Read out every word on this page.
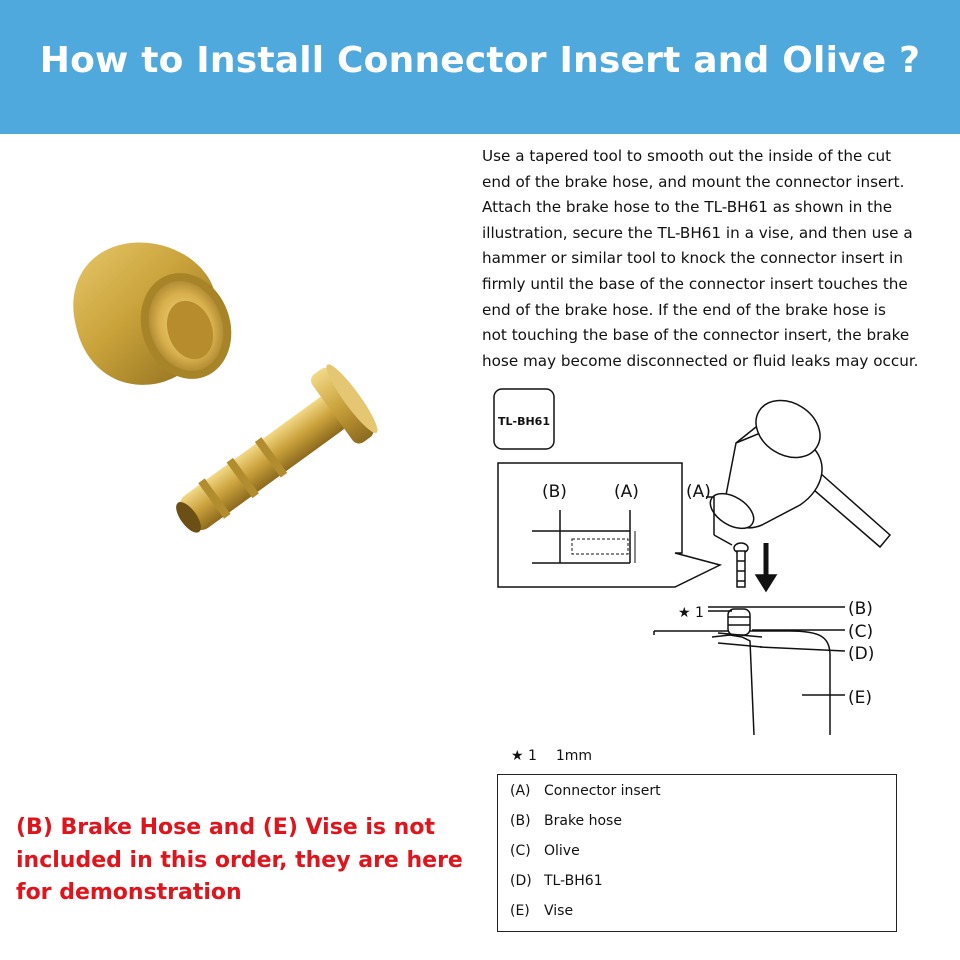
How to Install Connector Insert and Olive ?
Use a tapered tool to smooth out the inside of the cut
end of the brake hose, and mount the connector insert.
Attach the brake hose to the TL-BH61 as shown in the
illustration, secure the TL-BH61 in a vise, and then use a
hammer or similar tool to knock the connector insert in
firmly until the base of the connector insert touches the
end of the brake hose. If the end of the brake hose is
not touching the base of the connector insert, the brake
hose may become disconnected or fluid leaks may occur.
TL-BH61
(B)	(A)	(A)
★ 1	(B)
(C)
(D)
(E)
★ 1 1mm
(A) Connector insert
(B) Brake hose
(C) Olive
(D) TL-BH61
(E) Vise
(B) Brake Hose and (E) Vise is not
included in this order, they are here
for demonstration
